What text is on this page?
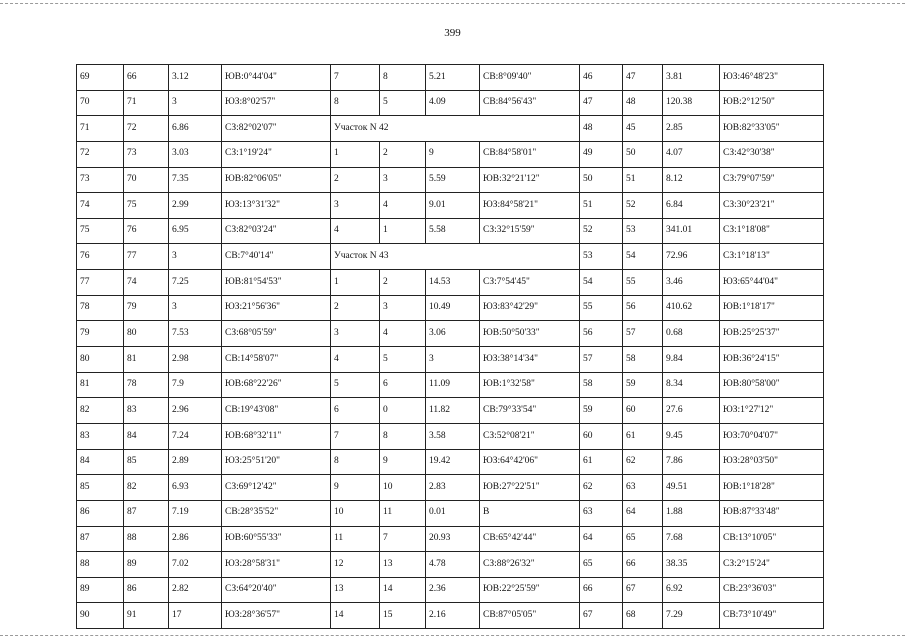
399
69	66	3.12	ЮВ:0°44'04"	7	8	5.21	СВ:8°09'40"	46	47	3.81	ЮЗ:46°48'23"
70	71	3	ЮЗ:8°02'57"	8	5	4.09	СВ:84°56'43"	47	48	120.38	ЮВ:2°12'50"
71	72	6.86	СЗ:82°02'07"	Участок N 42				48	45	2.85	ЮВ:82°33'05"
72	73	3.03	СЗ:1°19'24"	1	2	9	СВ:84°58'01"	49	50	4.07	СЗ:42°30'38"
73	70	7.35	ЮВ:82°06'05"	2	3	5.59	ЮВ:32°21'12"	50	51	8.12	СЗ:79°07'59"
74	75	2.99	ЮЗ:13°31'32"	3	4	9.01	ЮЗ:84°58'21"	51	52	6.84	СЗ:30°23'21"
75	76	6.95	СЗ:82°03'24"	4	1	5.58	СЗ:32°15'59"	52	53	341.01	СЗ:1°18'08"
76	77	3	СВ:7°40'14"	Участок N 43				53	54	72.96	СЗ:1°18'13"
77	74	7.25	ЮВ:81°54'53"	1	2	14.53	СЗ:7°54'45"	54	55	3.46	ЮЗ:65°44'04"
78	79	3	ЮЗ:21°56'36"	2	3	10.49	ЮЗ:83°42'29"	55	56	410.62	ЮВ:1°18'17"
79	80	7.53	СЗ:68°05'59"	3	4	3.06	ЮВ:50°50'33"	56	57	0.68	ЮВ:25°25'37"
80	81	2.98	СВ:14°58'07"	4	5	3	ЮЗ:38°14'34"	57	58	9.84	ЮВ:36°24'15"
81	78	7.9	ЮВ:68°22'26"	5	6	11.09	ЮВ:1°32'58"	58	59	8.34	ЮВ:80°58'00"
82	83	2.96	СВ:19°43'08"	6	0	11.82	СВ:79°33'54"	59	60	27.6	ЮЗ:1°27'12"
83	84	7.24	ЮВ:68°32'11"	7	8	3.58	СЗ:52°08'21"	60	61	9.45	ЮЗ:70°04'07"
84	85	2.89	ЮЗ:25°51'20"	8	9	19.42	ЮЗ:64°42'06"	61	62	7.86	ЮЗ:28°03'50"
85	82	6.93	СЗ:69°12'42"	9	10	2.83	ЮВ:27°22'51"	62	63	49.51	ЮВ:1°18'28"
86	87	7.19	СВ:28°35'52"	10	11	0.01	В	63	64	1.88	ЮВ:87°33'48"
87	88	2.86	ЮВ:60°55'33"	11	7	20.93	СВ:65°42'44"	64	65	7.68	СВ:13°10'05"
88	89	7.02	ЮЗ:28°58'31"	12	13	4.78	СЗ:88°26'32"	65	66	38.35	СЗ:2°15'24"
89	86	2.82	СЗ:64°20'40"	13	14	2.36	ЮВ:22°25'59"	66	67	6.92	СВ:23°36'03"
90	91	17	ЮЗ:28°36'57"	14	15	2.16	СВ:87°05'05"	67	68	7.29	СВ:73°10'49"
